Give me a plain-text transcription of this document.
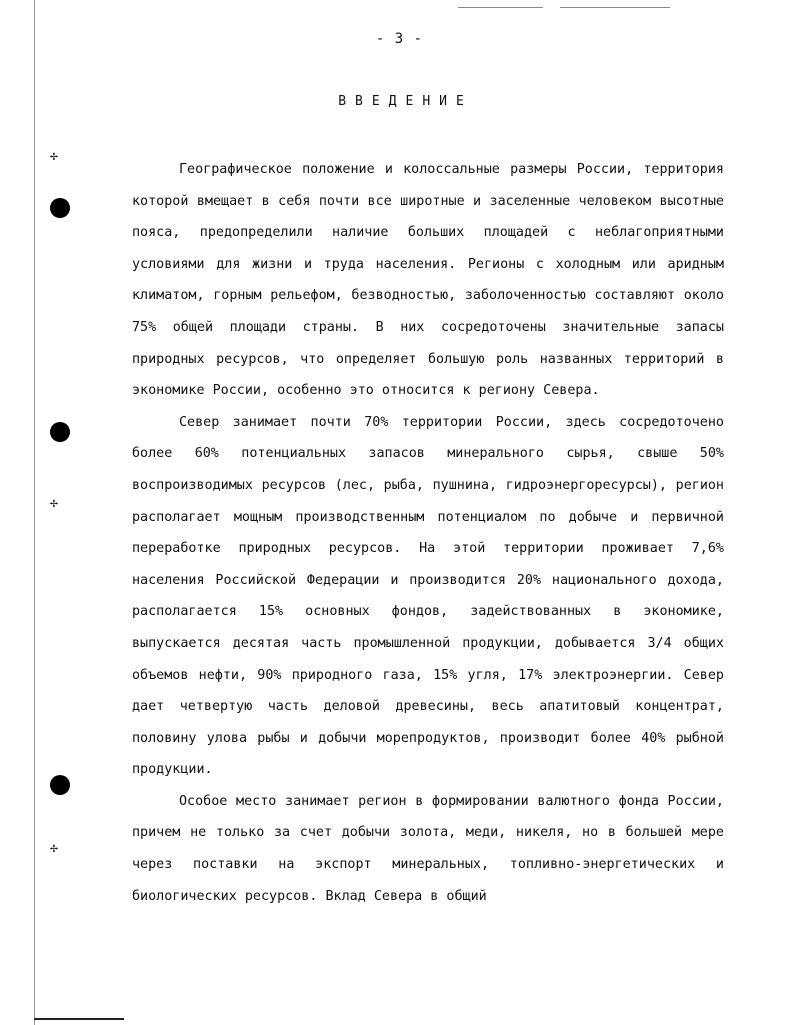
✢
✢
✢
- 3 -
ВВЕДЕНИЕ

Географическое положение и колоссальные размеры России, территория которой вмещает в себя почти все широтные и заселенные человеком высотные пояса, предопределили наличие больших площадей с неблагоприятными условиями для жизни и труда населения. Регионы с холодным или аридным климатом, горным рельефом, безводностью, заболоченностью составляют около 75% общей площади страны. В них сосредоточены значительные запасы природных ресурсов, что определяет большую роль названных территорий в экономике России, особенно это относится к региону Севера.

Север занимает почти 70% территории России, здесь сосредоточено более 60% потенциальных запасов минерального сырья, свыше 50% воспроизводимых ресурсов (лес, рыба, пушнина, гидроэнергоресурсы), регион располагает мощным производственным потенциалом по добыче и первичной переработке природных ресурсов. На этой территории проживает 7,6% населения Российской Федерации и производится 20% национального дохода, располагается 15% основных фондов, задействованных в экономике, выпускается десятая часть промышленной продукции, добывается 3/4 общих объемов нефти, 90% природного газа, 15% угля, 17% электроэнергии. Север дает четвертую часть деловой древесины, весь апатитовый концентрат, половину улова рыбы и добычи морепродуктов, производит более 40% рыбной продукции.

Особое место занимает регион в формировании валютного фонда России, причем не только за счет добычи золота, меди, никеля, но в большей мере через поставки на экспорт минеральных, топливно-энергетических и биологических ресурсов. Вклад Севера в общий
